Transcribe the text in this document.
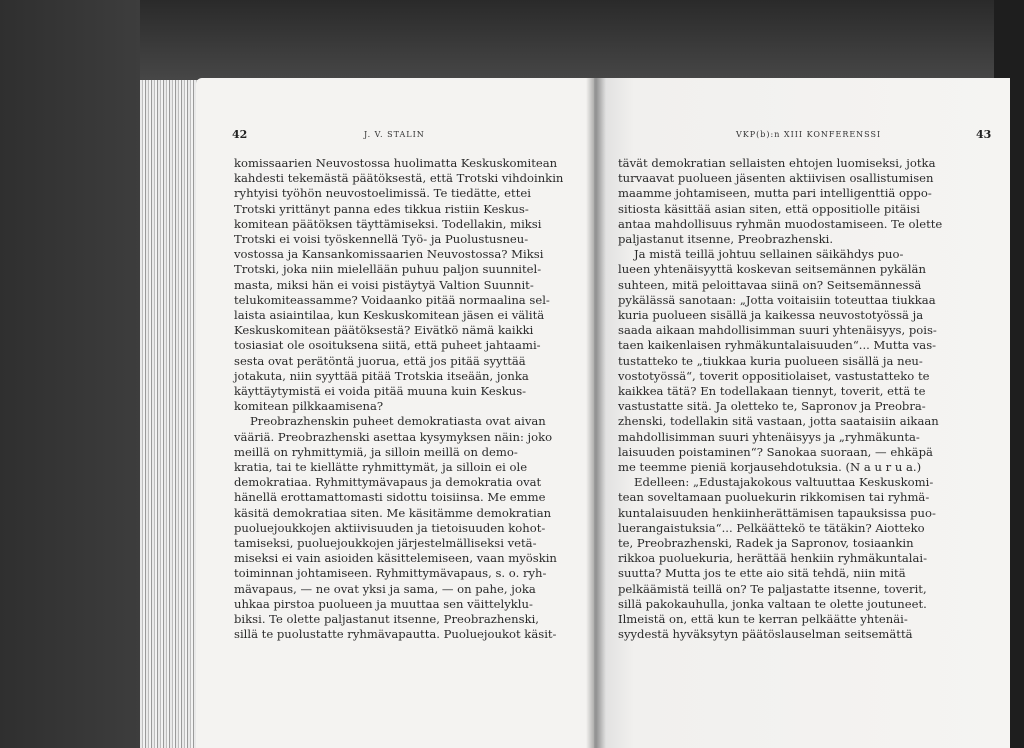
42	J. V. STALIN
komissaarien Neuvostossa huolimatta Keskuskomitean
kahdesti tekemästä päätöksestä, että Trotski vihdoinkin
ryhtyisi työhön neuvostoelimissä. Te tiedätte, ettei
Trotski yrittänyt panna edes tikkua ristiin Keskus-
komitean päätöksen täyttämiseksi. Todellakin, miksi
Trotski ei voisi työskennellä Työ- ja Puolustusneu-
vostossa ja Kansankomissaarien Neuvostossa? Miksi
Trotski, joka niin mielellään puhuu paljon suunnitel-
masta, miksi hän ei voisi pistäytyä Valtion Suunnit-
telukomiteassamme? Voidaanko pitää normaalina sel-
laista asiaintilaa, kun Keskuskomitean jäsen ei välitä
Keskuskomitean päätöksestä? Eivätkö nämä kaikki
tosiasiat ole osoituksena siitä, että puheet jahtaami-
sesta ovat perätöntä juorua, että jos pitää syyttää
jotakuta, niin syyttää pitää Trotskia itseään, jonka
käyttäytymistä ei voida pitää muuna kuin Keskus-
komitean pilkkaamisena?
Preobrazhenskin puheet demokratiasta ovat aivan
vääriä. Preobrazhenski asettaa kysymyksen näin: joko
meillä on ryhmittymiä, ja silloin meillä on demo-
kratia, tai te kiellätte ryhmittymät, ja silloin ei ole
demokratiaa. Ryhmittymävapaus ja demokratia ovat
hänellä erottamattomasti sidottu toisiinsa. Me emme
käsitä demokratiaa siten. Me käsitämme demokratian
puoluejoukkojen aktiivisuuden ja tietoisuuden kohot-
tamiseksi, puoluejoukkojen järjestelmälliseksi vetä-
miseksi ei vain asioiden käsittelemiseen, vaan myöskin
toiminnan johtamiseen. Ryhmittymävapaus, s. o. ryh-
mävapaus, — ne ovat yksi ja sama, — on pahe, joka
uhkaa pirstoa puolueen ja muuttaa sen väittelyklu-
biksi. Te olette paljastanut itsenne, Preobrazhenski,
sillä te puolustatte ryhmävapautta. Puoluejoukot käsit-
VKP(b):n XIII KONFERENSSI	43
tävät demokratian sellaisten ehtojen luomiseksi, jotka
turvaavat puolueen jäsenten aktiivisen osallistumisen
maamme johtamiseen, mutta pari intelligenttiä oppo-
sitiosta käsittää asian siten, että oppositiolle pitäisi
antaa mahdollisuus ryhmän muodostamiseen. Te olette
paljastanut itsenne, Preobrazhenski.
Ja mistä teillä johtuu sellainen säikähdys puo-
lueen yhtenäisyyttä koskevan seitsemännen pykälän
suhteen, mitä peloittavaa siinä on? Seitsemännessä
pykälässä sanotaan: „Jotta voitaisiin toteuttaa tiukkaa
kuria puolueen sisällä ja kaikessa neuvostotyössä ja
saada aikaan mahdollisimman suuri yhtenäisyys, pois-
taen kaikenlaisen ryhmäkuntalaisuuden“... Mutta vas-
tustatteko te „tiukkaa kuria puolueen sisällä ja neu-
vostotyössä“, toverit oppositiolaiset, vastustatteko te
kaikkea tätä? En todellakaan tiennyt, toverit, että te
vastustatte sitä. Ja oletteko te, Sapronov ja Preobra-
zhenski, todellakin sitä vastaan, jotta saataisiin aikaan
mahdollisimman suuri yhtenäisyys ja „ryhmäkunta-
laisuuden poistaminen“? Sanokaa suoraan, — ehkäpä
me teemme pieniä korjausehdotuksia. (N a u r u a.)
Edelleen: „Edustajakokous valtuuttaa Keskuskomi-
tean soveltamaan puoluekurin rikkomisen tai ryhmä-
kuntalaisuuden henkiinherättämisen tapauksissa puo-
luerangaistuksia“... Pelkäättekö te tätäkin? Aiotteko
te, Preobrazhenski, Radek ja Sapronov, tosiaankin
rikkoa puoluekuria, herättää henkiin ryhmäkuntalai-
suutta? Mutta jos te ette aio sitä tehdä, niin mitä
pelkäämistä teillä on? Te paljastatte itsenne, toverit,
sillä pakokauhulla, jonka valtaan te olette joutuneet.
Ilmeistä on, että kun te kerran pelkäätte yhtenäi-
syydestä hyväksytyn päätöslauselman seitsemättä
